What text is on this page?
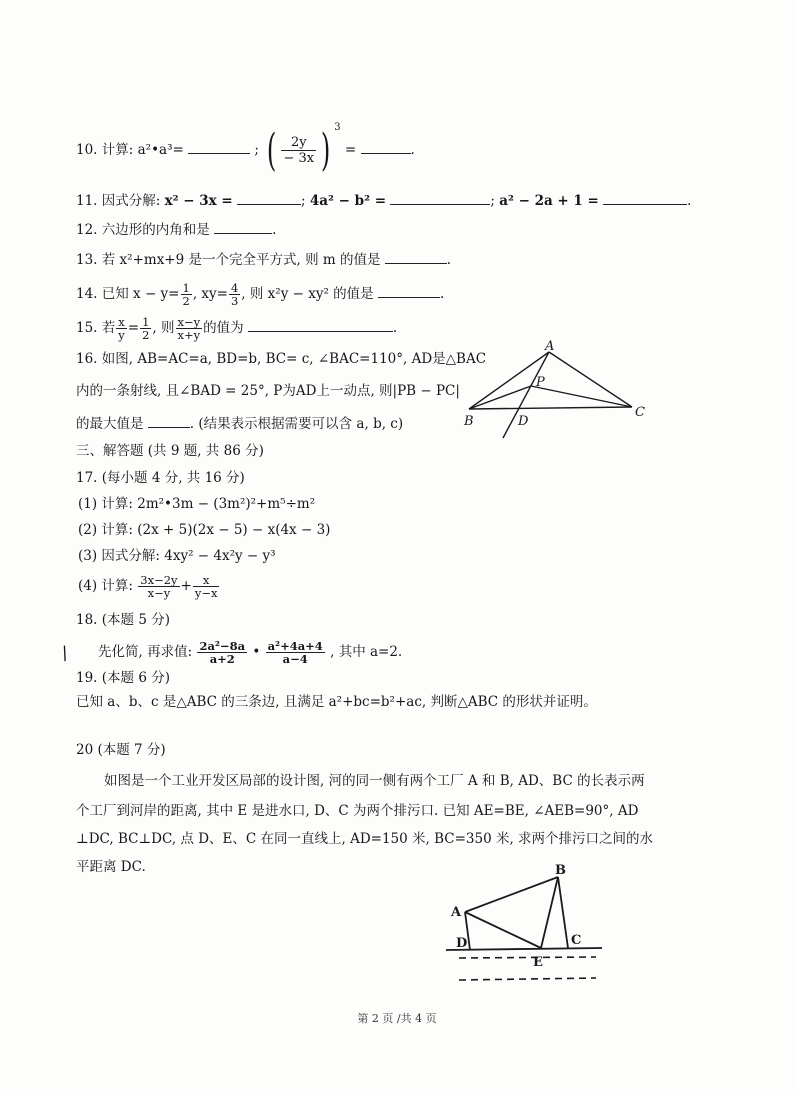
10. 计算: a²•a³=	; ( $\frac{2y}{- 3x}$ ) $^3$ =	.
11. 因式分解: x² − 3x =	; 4a² − b² =	; a² − 2a + 1 =	.
12. 六边形的内角和是	.
13. 若 x²+mx+9 是一个完全平方式, 则 m 的值是	.
14. 已知 $x - y= \frac{1}{2}$ , $xy= \frac{4}{3}$ , 则 x²y − xy² 的值是	.
15. 若 $\frac{x}{y} = \frac{1}{2}$ , 则 $\frac{x-y}{x+y}$ 的值为	.
16. 如图, AB=AC=a, BD=b, BC= c, ∠BAC=110°, AD是△BAC
内的一条射线, 且∠BAD = 25°, P为AD上一动点, 则|PB − PC|
的最大值是	. (结果表示根据需要可以含 a, b, c)
A
P
B	D
C
三、解答题 (共 9 题, 共 86 分)
17. (每小题 4 分, 共 16 分)
(1) 计算: 2m²•3m − (3m²)²+m⁵÷m²
(2) 计算: (2x + 5)(2x − 5) − x(4x − 3)
(3) 因式分解: 4xy² − 4x²y − y³
(4) 计算: $\frac{3x-2y}{x-y} + \frac{x}{y-x}$
18. (本题 5 分)
/ 先化简, 再求值: $\frac{\text{2a²−8a}}{a+2}$ • $\frac{\text{a²+4a+4}}{a-4}$ , 其中 a=2.
19. (本题 6 分)
已知 a、b、c 是△ABC 的三条边, 且满足 a²+bc=b²+ac, 判断△ABC 的形状并证明。
20 (本题 7 分)
如图是一个工业开发区局部的设计图, 河的同一侧有两个工厂 A 和 B, AD、BC 的长表示两
个工厂到河岸的距离, 其中 E 是进水口, D、C 为两个排污口. 已知 AE=BE, ∠AEB=90°, AD
⊥DC, BC⊥DC, 点 D、E、C 在同一直线上, AD=150 米, BC=350 米, 求两个排污口之间的水
平距离 DC.	B
A
D	C
E
第 2 页 /共 4 页
